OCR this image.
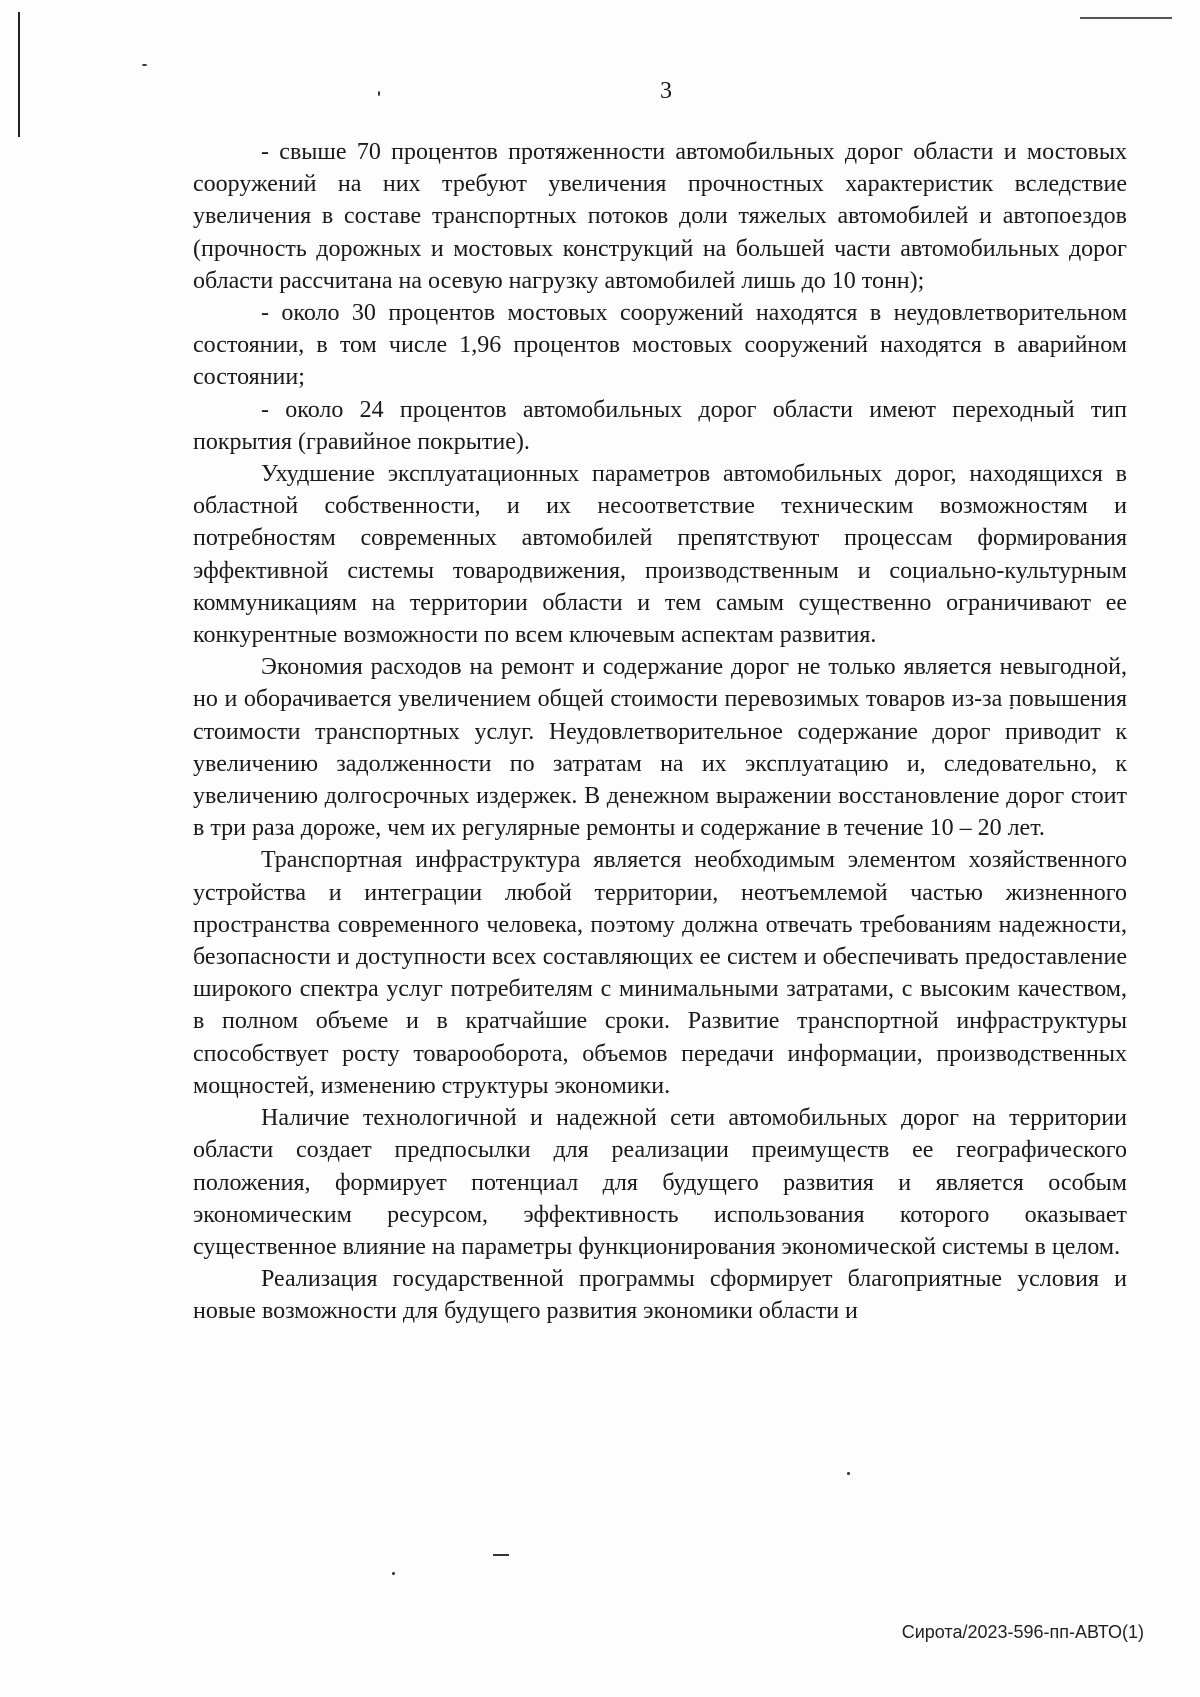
3

- свыше 70 процентов протяженности автомобильных дорог области и мостовых сооружений на них требуют увеличения прочностных характеристик вследствие увеличения в составе транспортных потоков доли тяжелых автомобилей и автопоездов (прочность дорожных и мостовых конструкций на большей части автомобильных дорог области рассчитана на осевую нагрузку автомобилей лишь до 10 тонн);

- около 30 процентов мостовых сооружений находятся в неудовлетворительном состоянии, в том числе 1,96 процентов мостовых сооружений находятся в аварийном состоянии;

- около 24 процентов автомобильных дорог области имеют переходный тип покрытия (гравийное покрытие).

Ухудшение эксплуатационных параметров автомобильных дорог, находящихся в областной собственности, и их несоответствие техническим возможностям и потребностям современных автомобилей препятствуют процессам формирования эффективной системы товародвижения, производственным и социально-культурным коммуникациям на территории области и тем самым существенно ограничивают ее конкурентные возможности по всем ключевым аспектам развития.

Экономия расходов на ремонт и содержание дорог не только является невыгодной, но и оборачивается увеличением общей стоимости перевозимых товаров из-за повышения стоимости транспортных услуг. Неудовлетворительное содержание дорог приводит к увеличению задолженности по затратам на их эксплуатацию и, следовательно, к увеличению долгосрочных издержек. В денежном выражении восстановление дорог стоит в три раза дороже, чем их регулярные ремонты и содержание в течение 10 – 20 лет.

Транспортная инфраструктура является необходимым элементом хозяйственного устройства и интеграции любой территории, неотъемлемой частью жизненного пространства современного человека, поэтому должна отвечать требованиям надежности, безопасности и доступности всех составляющих ее систем и обеспечивать предоставление широкого спектра услуг потребителям с минимальными затратами, с высоким качеством, в полном объеме и в кратчайшие сроки. Развитие транспортной инфраструктуры способствует росту товарооборота, объемов передачи информации, производственных мощностей, изменению структуры экономики.

Наличие технологичной и надежной сети автомобильных дорог на территории области создает предпосылки для реализации преимуществ ее географического положения, формирует потенциал для будущего развития и является особым экономическим ресурсом, эффективность использования которого оказывает существенное влияние на параметры функционирования экономической системы в целом.

Реализация государственной программы сформирует благоприятные условия и новые возможности для будущего развития экономики области и

Сирота/2023-596-пп-АВТО(1)
